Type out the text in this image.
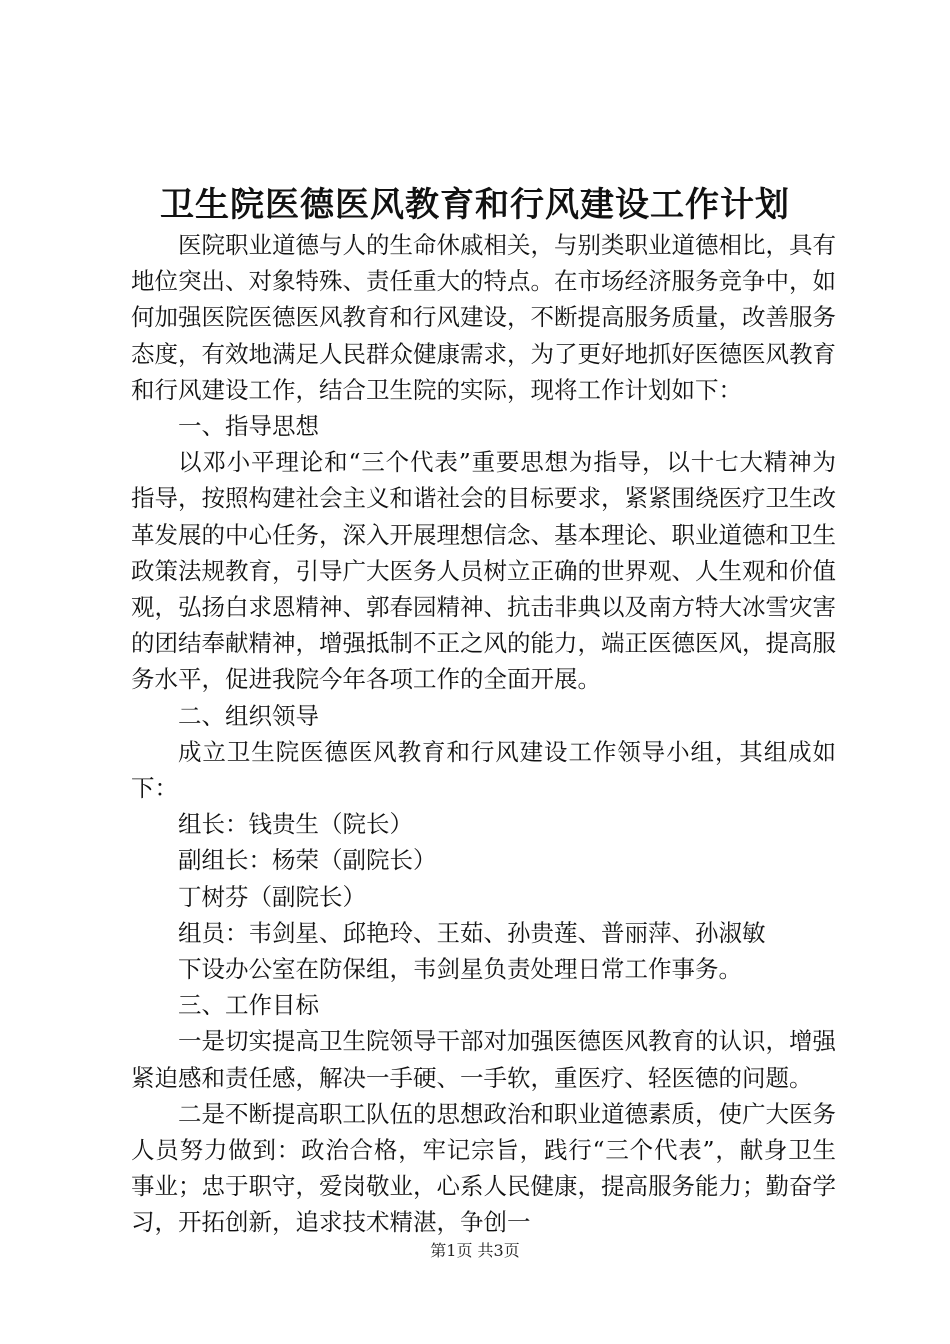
卫生院医德医风教育和行风建设工作计划

医院职业道德与人的生命休戚相关，与别类职业道德相比，具有地位突出、对象特殊、责任重大的特点。在市场经济服务竞争中，如何加强医院医德医风教育和行风建设，不断提高服务质量，改善服务态度，有效地满足人民群众健康需求，为了更好地抓好医德医风教育和行风建设工作，结合卫生院的实际，现将工作计划如下：

一、指导思想

以邓小平理论和“三个代表”重要思想为指导，以十七大精神为指导，按照构建社会主义和谐社会的目标要求，紧紧围绕医疗卫生改革发展的中心任务，深入开展理想信念、基本理论、职业道德和卫生政策法规教育，引导广大医务人员树立正确的世界观、人生观和价值观，弘扬白求恩精神、郭春园精神、抗击非典以及南方特大冰雪灾害的团结奉献精神，增强抵制不正之风的能力，端正医德医风，提高服务水平，促进我院今年各项工作的全面开展。

二、组织领导

成立卫生院医德医风教育和行风建设工作领导小组，其组成如下：

组长：钱贵生（院长）

副组长：杨荣（副院长）

丁树芬（副院长）

组员：韦剑星、邱艳玲、王茹、孙贵莲、普丽萍、孙淑敏

下设办公室在防保组，韦剑星负责处理日常工作事务。

三、工作目标

一是切实提高卫生院领导干部对加强医德医风教育的认识，增强紧迫感和责任感，解决一手硬、一手软，重医疗、轻医德的问题。

二是不断提高职工队伍的思想政治和职业道德素质，使广大医务人员努力做到：政治合格，牢记宗旨，践行“三个代表”，献身卫生事业；忠于职守，爱岗敬业，心系人民健康，提高服务能力；勤奋学习，开拓创新，追求技术精湛，争创一

第1页 共3页
